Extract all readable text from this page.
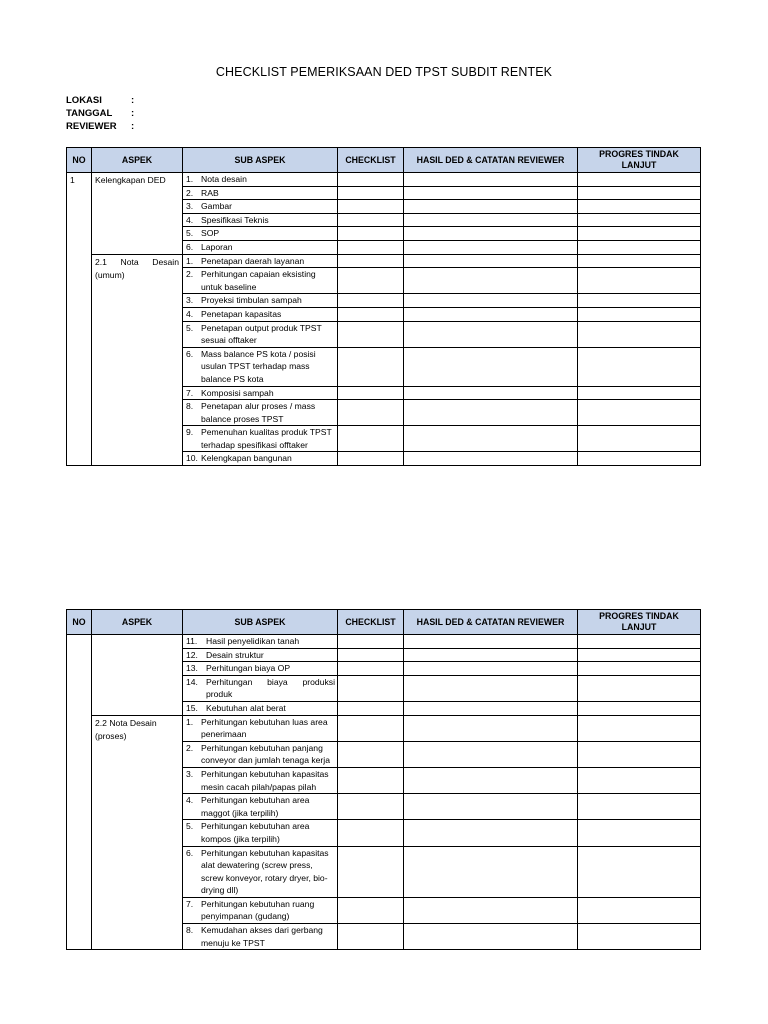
CHECKLIST PEMERIKSAAN DED TPST SUBDIT RENTEK
LOKASI	:
TANGGAL	:
REVIEWER	:
NO	ASPEK	SUB ASPEK	CHECKLIST	HASIL DED & CATATAN REVIEWER	PROGRES TINDAK LANJUT
1	Kelengkapan DED	1. Nota desain			

		2. RAB			

		3. Gambar			

		4. Spesifikasi Teknis			

		5. SOP			

		6. Laporan			

	2.1 Nota Desain (umum)	1. Penetapan daerah layanan			

		2. Perhitungan capaian eksisting untuk baseline			

		3. Proyeksi timbulan sampah			

		4. Penetapan kapasitas			

		5. Penetapan output produk TPST sesuai offtaker			

		6. Mass balance PS kota / posisi usulan TPST terhadap mass balance PS kota			

		7. Komposisi sampah			

		8. Penetapan alur proses / mass balance proses TPST			

		9. Pemenuhan kualitas produk TPST terhadap spesifikasi offtaker			

		10. Kelengkapan bangunan			

NO	ASPEK	SUB ASPEK	CHECKLIST	HASIL DED & CATATAN REVIEWER	PROGRES TINDAK LANJUT

		11. Hasil penyelidikan tanah			

		12. Desain struktur			

		13. Perhitungan biaya OP			

		14. Perhitungan biaya produksi produk			

		15. Kebutuhan alat berat			

	2.2 Nota Desain (proses)	1. Perhitungan kebutuhan luas area penerimaan			

		2. Perhitungan kebutuhan panjang conveyor dan jumlah tenaga kerja			

		3. Perhitungan kebutuhan kapasitas mesin cacah pilah/papas pilah			

		4. Perhitungan kebutuhan area maggot (jika terpilih)			

		5. Perhitungan kebutuhan area kompos (jika terpilih)			

		6. Perhitungan kebutuhan kapasitas alat dewatering (screw press, screw konveyor, rotary dryer, bio-drying dll)			

		7. Perhitungan kebutuhan ruang penyimpanan (gudang)			

		8. Kemudahan akses dari gerbang menuju ke TPST			
